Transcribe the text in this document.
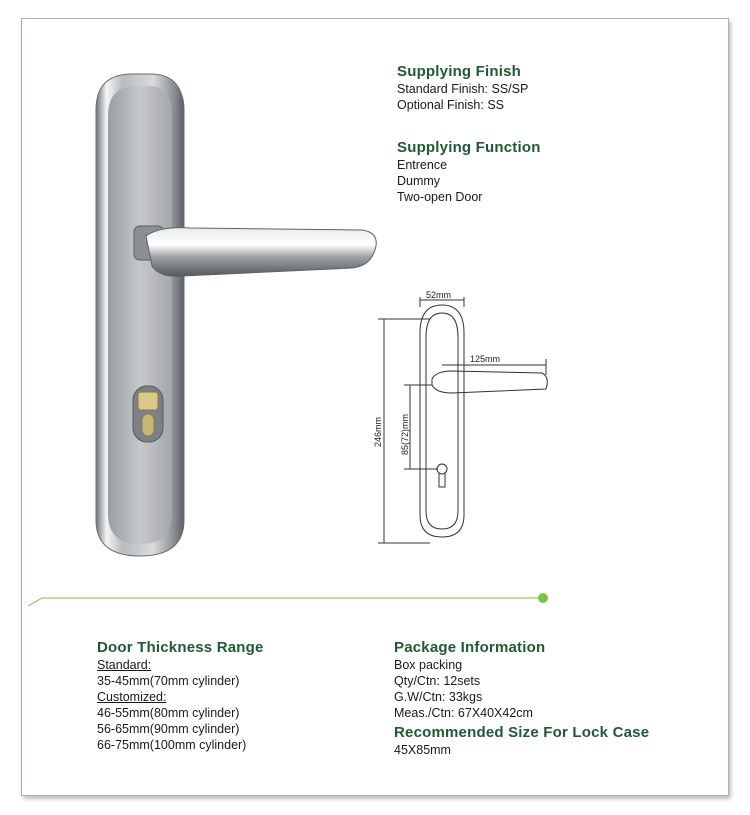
52mm
125mm
246mm 85(72)mm
Supplying Finish
Standard Finish: SS/SP
Optional Finish: SS
Supplying Function
Entrence
Dummy
Two-open Door
Door Thickness Range
Standard:
35-45mm(70mm cylinder)
Customized:
46-55mm(80mm cylinder)
56-65mm(90mm cylinder)
66-75mm(100mm cylinder)
Package Information
Box packing
Qty/Ctn: 12sets
G.W/Ctn: 33kgs
Meas./Ctn: 67X40X42cm
Recommended Size For Lock Case
45X85mm
